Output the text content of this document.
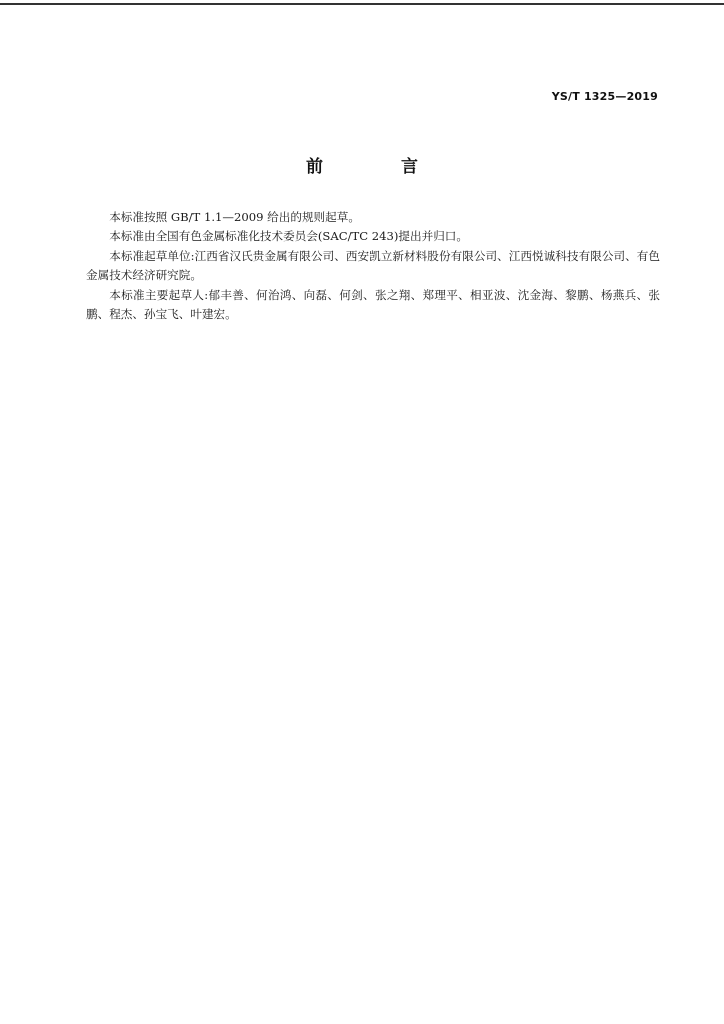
YS/T 1325—2019
前 言

本标准按照 GB/T 1.1—2009 给出的规则起草。

本标准由全国有色金属标准化技术委员会(SAC/TC 243)提出并归口。

本标准起草单位:江西省汉氏贵金属有限公司、西安凯立新材料股份有限公司、江西悦诚科技有限公司、有色金属技术经济研究院。

本标准主要起草人:郁丰善、何治鸿、向磊、何剑、张之翔、郑理平、相亚波、沈金海、黎鹏、杨燕兵、张鹏、程杰、孙宝飞、叶建宏。
